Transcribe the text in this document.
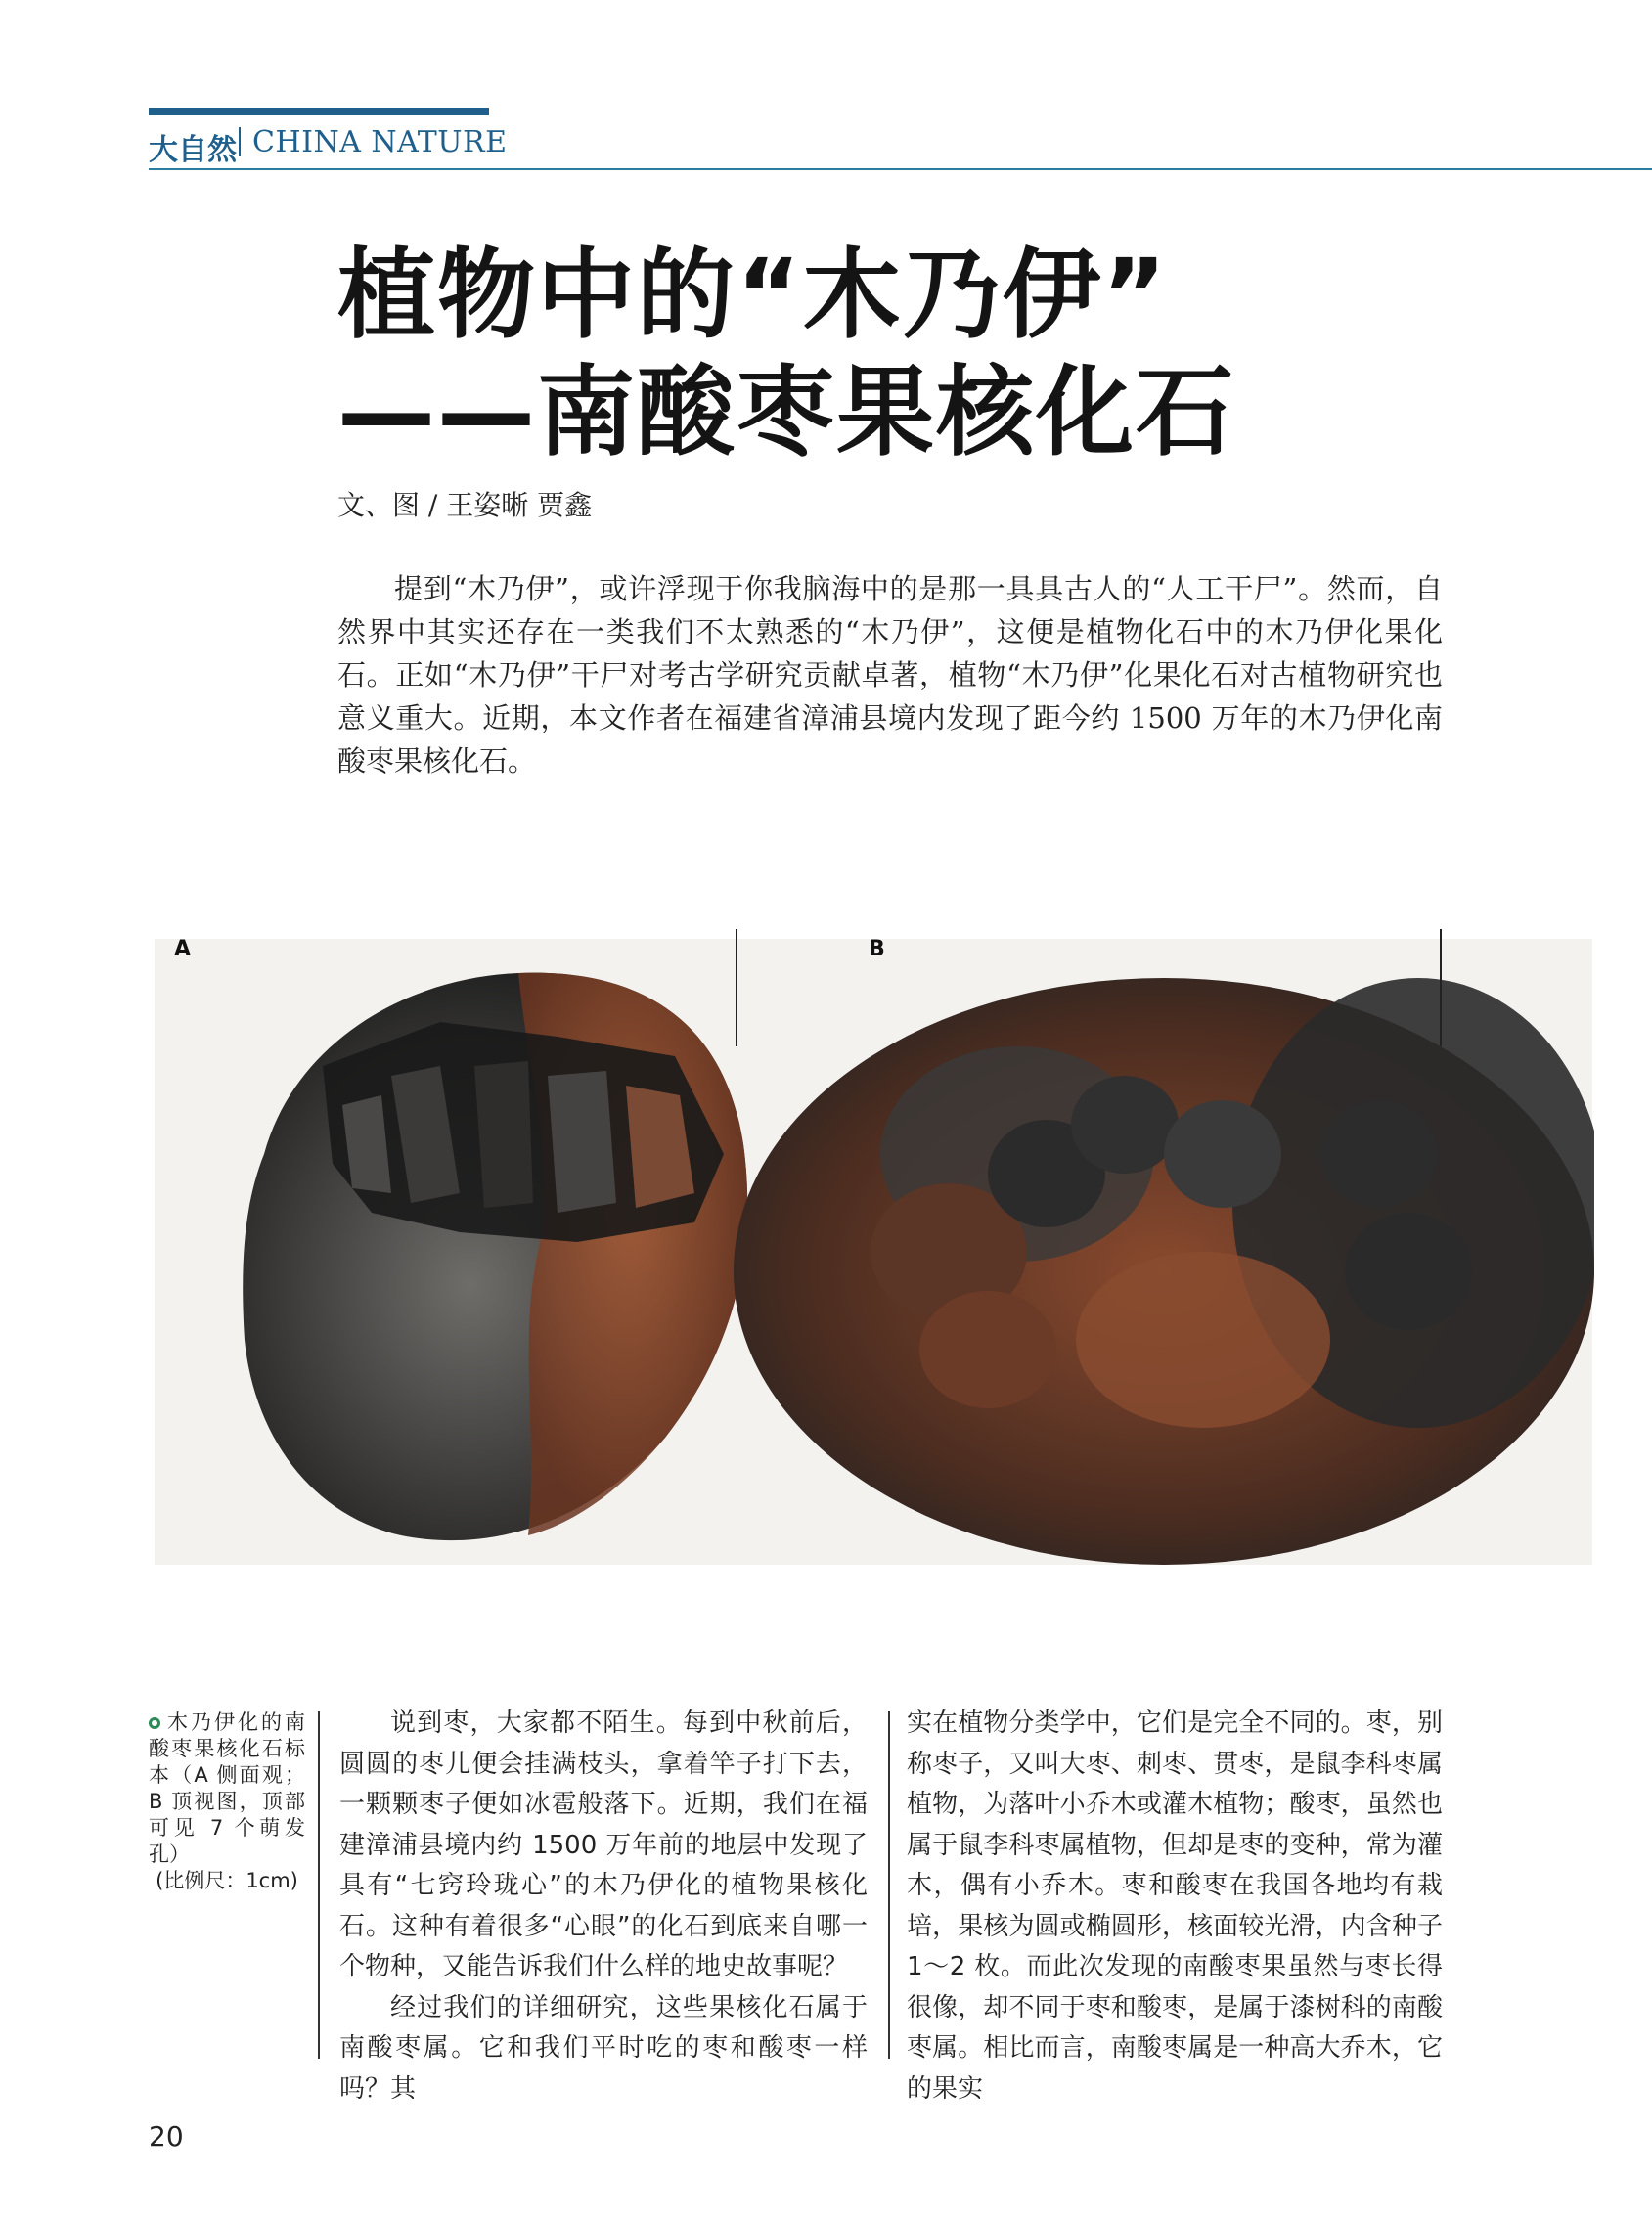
大自然 CHINA NATURE
植物中的“木乃伊”
——南酸枣果核化石
文、图 / 王姿晰 贾鑫

提到“木乃伊”，或许浮现于你我脑海中的是那一具具古人的“人工干尸”。然而，自然界中其实还存在一类我们不太熟悉的“木乃伊”，这便是植物化石中的木乃伊化果化石。正如“木乃伊”干尸对考古学研究贡献卓著，植物“木乃伊”化果化石对古植物研究也意义重大。近期，本文作者在福建省漳浦县境内发现了距今约 1500 万年的木乃伊化南酸枣果核化石。

A	B

木乃伊化的南酸枣果核化石标本（A 侧面观；B 顶视图，顶部可见 7 个萌发孔）
(比例尺：1cm)

说到枣，大家都不陌生。每到中秋前后，圆圆的枣儿便会挂满枝头，拿着竿子打下去，一颗颗枣子便如冰雹般落下。近期，我们在福建漳浦县境内约 1500 万年前的地层中发现了具有“七窍玲珑心”的木乃伊化的植物果核化石。这种有着很多“心眼”的化石到底来自哪一个物种，又能告诉我们什么样的地史故事呢？

经过我们的详细研究，这些果核化石属于南酸枣属。它和我们平时吃的枣和酸枣一样吗？其

实在植物分类学中，它们是完全不同的。枣，别称枣子，又叫大枣、刺枣、贯枣，是鼠李科枣属植物，为落叶小乔木或灌木植物；酸枣，虽然也属于鼠李科枣属植物，但却是枣的变种，常为灌木，偶有小乔木。枣和酸枣在我国各地均有栽培，果核为圆或椭圆形，核面较光滑，内含种子 1～2 枚。而此次发现的南酸枣果虽然与枣长得很像，却不同于枣和酸枣，是属于漆树科的南酸枣属。相比而言，南酸枣属是一种高大乔木，它的果实

20
